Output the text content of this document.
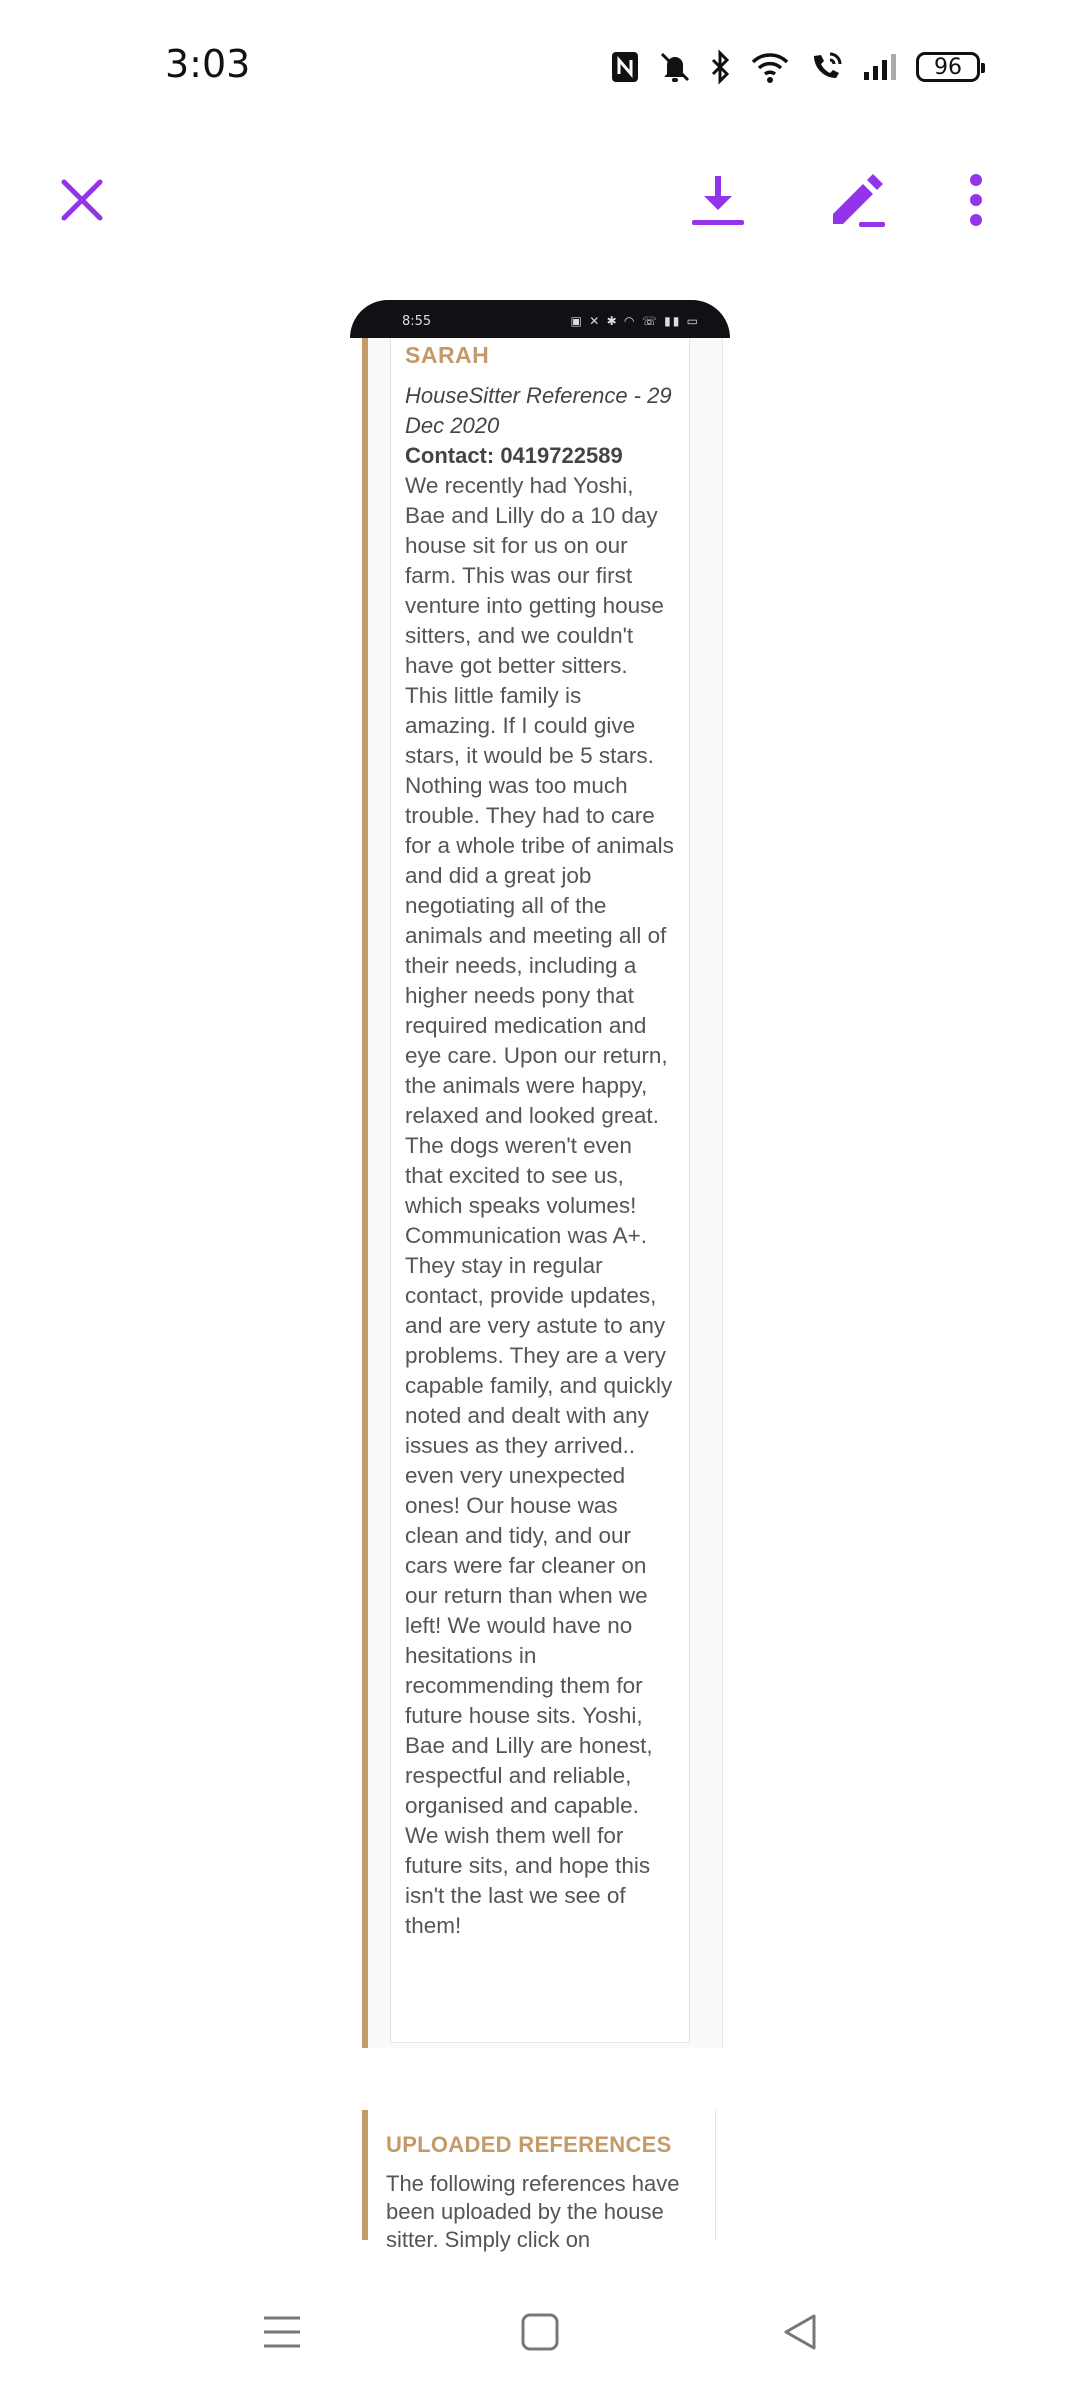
3:03	96
8:55	▣ ✕ ✱ ◠ ☏ ▮▮ ▭
SARAH
HouseSitter Reference - 29 Dec 2020
Contact: 0419722589
We recently had Yoshi, Bae and Lilly do a 10 day house sit for us on our farm. This was our first venture into getting house sitters, and we couldn't have got better sitters. This little family is amazing. If I could give stars, it would be 5 stars. Nothing was too much trouble. They had to care for a whole tribe of animals and did a great job negotiating all of the animals and meeting all of their needs, including a higher needs pony that required medication and eye care. Upon our return, the animals were happy, relaxed and looked great. The dogs weren't even that excited to see us, which speaks volumes! Communication was A+. They stay in regular contact, provide updates, and are very astute to any problems. They are a very capable family, and quickly noted and dealt with any issues as they arrived.. even very unexpected ones! Our house was clean and tidy, and our cars were far cleaner on our return than when we left! We would have no hesitations in recommending them for future house sits. Yoshi, Bae and Lilly are honest, respectful and reliable, organised and capable. We wish them well for future sits, and hope this isn't the last we see of them!
UPLOADED REFERENCES
The following references have been uploaded by the house sitter. Simply click on
